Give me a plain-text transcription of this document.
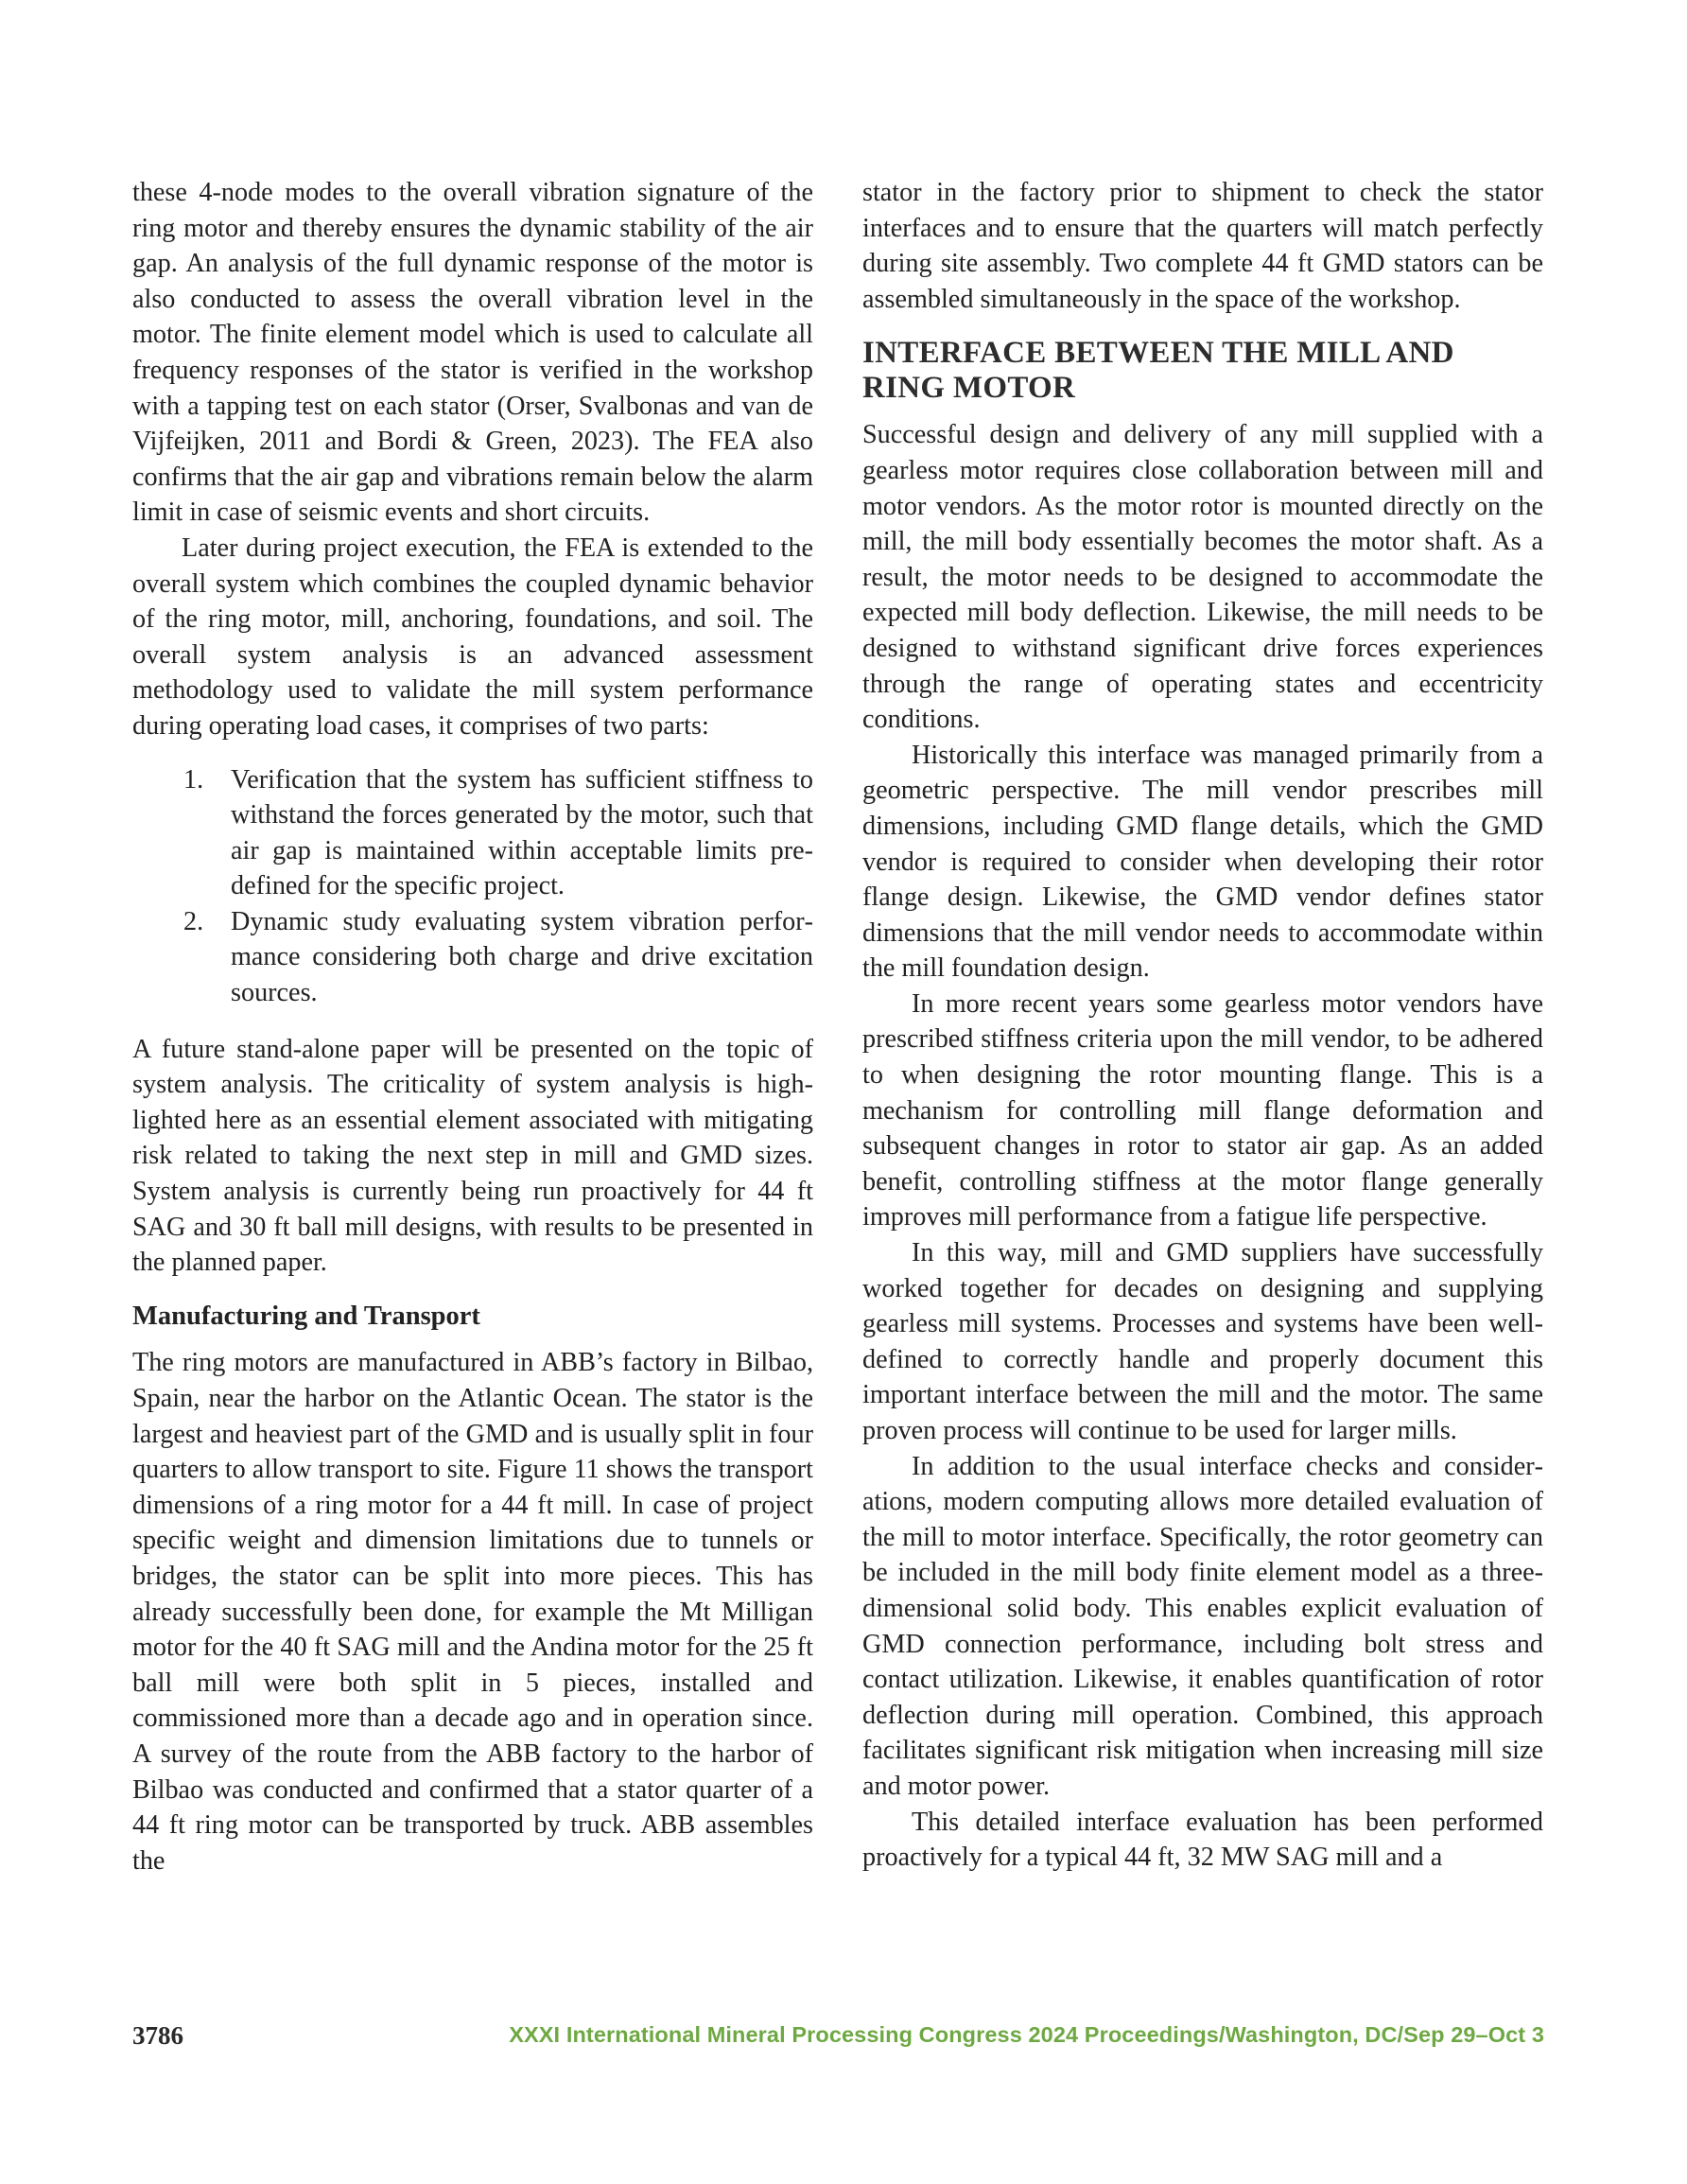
these 4-node modes to the overall vibration signature of the ring motor and thereby ensures the dynamic stability of the air gap. An analysis of the full dynamic response of the motor is also conducted to assess the overall vibration level in the motor. The finite element model which is used to calculate all frequency responses of the stator is verified in the workshop with a tapping test on each stator (Orser, Svalbonas and van de Vijfeijken, 2011 and Bordi & Green, 2023). The FEA also confirms that the air gap and vibrations remain below the alarm limit in case of seismic events and short circuits.

Later during project execution, the FEA is extended to the overall system which combines the coupled dynamic behavior of the ring motor, mill, anchoring, foundations, and soil. The overall system analysis is an advanced assessment methodology used to validate the mill system performance during operating load cases, it comprises of two parts:

1. Verification that the system has sufficient stiffness to withstand the forces generated by the motor, such that air gap is maintained within acceptable limits pre-defined for the specific project.
2. Dynamic study evaluating system vibration performance considering both charge and drive excitation sources.

A future stand-alone paper will be presented on the topic of system analysis. The criticality of system analysis is highlighted here as an essential element associated with mitigating risk related to taking the next step in mill and GMD sizes. System analysis is currently being run proactively for 44 ft SAG and 30 ft ball mill designs, with results to be presented in the planned paper.

Manufacturing and Transport

The ring motors are manufactured in ABB’s factory in Bilbao, Spain, near the harbor on the Atlantic Ocean. The stator is the largest and heaviest part of the GMD and is usually split in four quarters to allow transport to site. Figure 11 shows the transport dimensions of a ring motor for a 44 ft mill. In case of project specific weight and dimension limitations due to tunnels or bridges, the stator can be split into more pieces. This has already successfully been done, for example the Mt Milligan motor for the 40 ft SAG mill and the Andina motor for the 25 ft ball mill were both split in 5 pieces, installed and commissioned more than a decade ago and in operation since. A survey of the route from the ABB factory to the harbor of Bilbao was conducted and confirmed that a stator quarter of a 44 ft ring motor can be transported by truck. ABB assembles the

stator in the factory prior to shipment to check the stator interfaces and to ensure that the quarters will match perfectly during site assembly. Two complete 44 ft GMD stators can be assembled simultaneously in the space of the workshop.

INTERFACE BETWEEN THE MILL AND RING MOTOR

Successful design and delivery of any mill supplied with a gearless motor requires close collaboration between mill and motor vendors. As the motor rotor is mounted directly on the mill, the mill body essentially becomes the motor shaft. As a result, the motor needs to be designed to accommodate the expected mill body deflection. Likewise, the mill needs to be designed to withstand significant drive forces experiences through the range of operating states and eccentricity conditions.

Historically this interface was managed primarily from a geometric perspective. The mill vendor prescribes mill dimensions, including GMD flange details, which the GMD vendor is required to consider when developing their rotor flange design. Likewise, the GMD vendor defines stator dimensions that the mill vendor needs to accommodate within the mill foundation design.

In more recent years some gearless motor vendors have prescribed stiffness criteria upon the mill vendor, to be adhered to when designing the rotor mounting flange. This is a mechanism for controlling mill flange deformation and subsequent changes in rotor to stator air gap. As an added benefit, controlling stiffness at the motor flange generally improves mill performance from a fatigue life perspective.

In this way, mill and GMD suppliers have successfully worked together for decades on designing and supplying gearless mill systems. Processes and systems have been well-defined to correctly handle and properly document this important interface between the mill and the motor. The same proven process will continue to be used for larger mills.

In addition to the usual interface checks and considerations, modern computing allows more detailed evaluation of the mill to motor interface. Specifically, the rotor geometry can be included in the mill body finite element model as a three-dimensional solid body. This enables explicit evaluation of GMD connection performance, including bolt stress and contact utilization. Likewise, it enables quantification of rotor deflection during mill operation. Combined, this approach facilitates significant risk mitigation when increasing mill size and motor power.

This detailed interface evaluation has been performed proactively for a typical 44 ft, 32 MW SAG mill and a

3786	XXXI International Mineral Processing Congress 2024 Proceedings/Washington, DC/Sep 29–Oct 3
